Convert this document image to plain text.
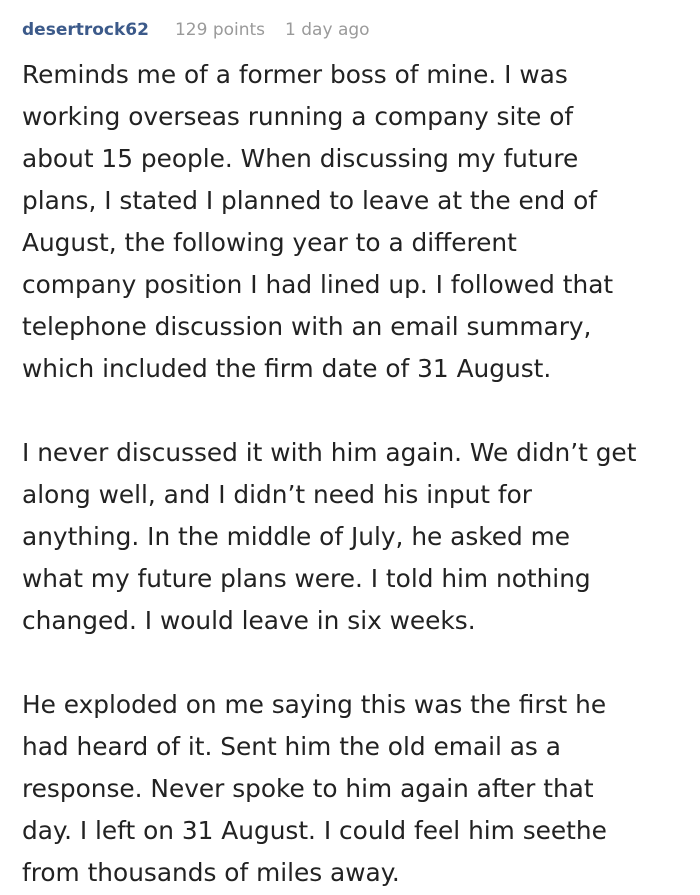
desertrock62 129 points 1 day ago

Reminds me of a former boss of mine. I was
working overseas running a company site of
about 15 people. When discussing my future
plans, I stated I planned to leave at the end of
August, the following year to a different
company position I had lined up. I followed that
telephone discussion with an email summary,
which included the firm date of 31 August.

I never discussed it with him again. We didn’t get
along well, and I didn’t need his input for
anything. In the middle of July, he asked me
what my future plans were. I told him nothing
changed. I would leave in six weeks.

He exploded on me saying this was the first he
had heard of it. Sent him the old email as a
response. Never spoke to him again after that
day. I left on 31 August. I could feel him seethe
from thousands of miles away.
